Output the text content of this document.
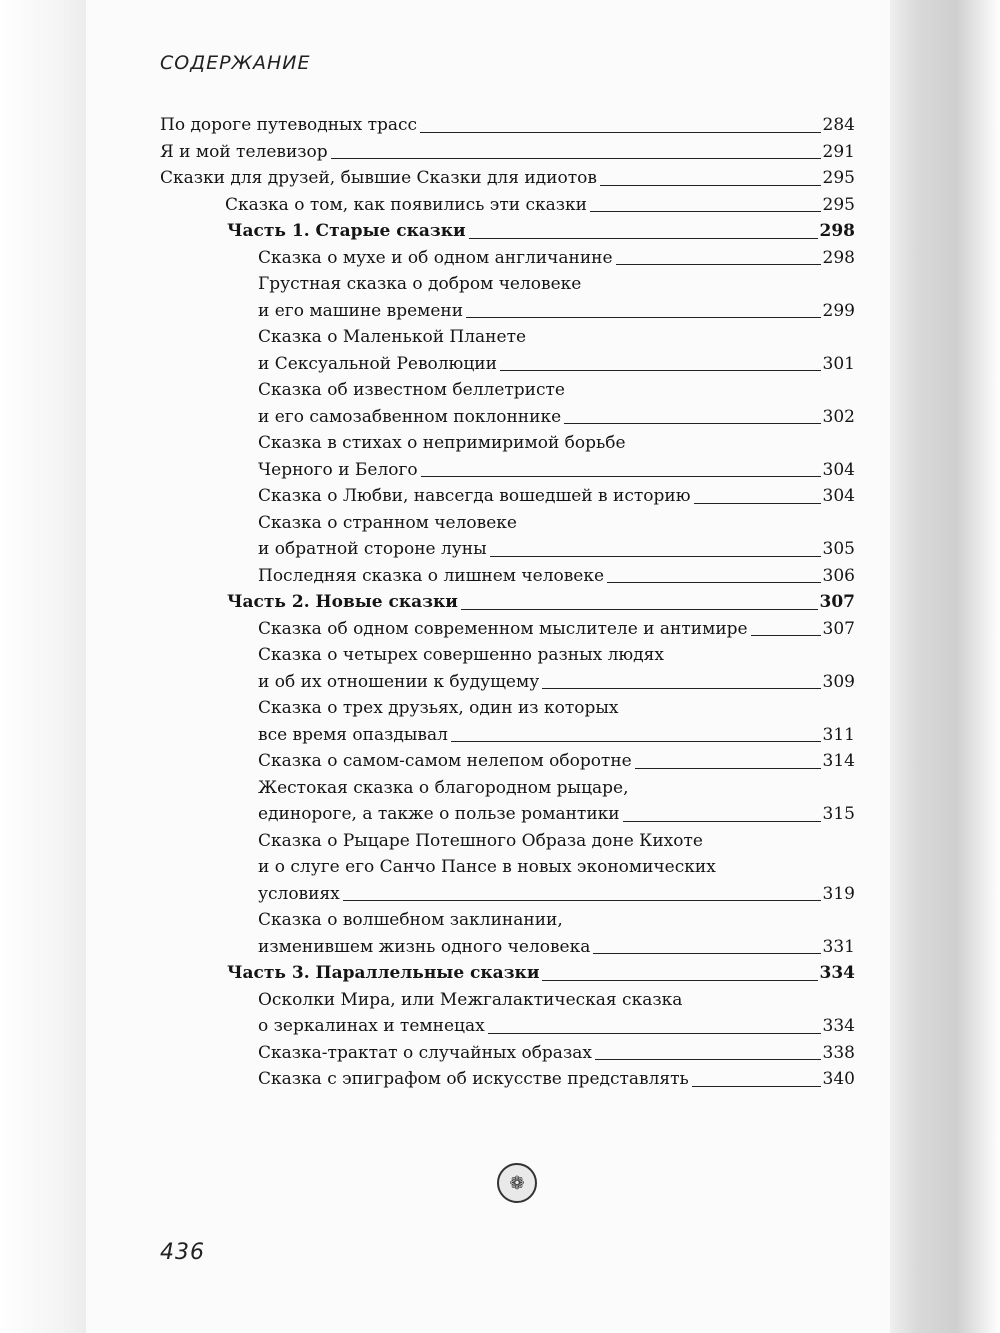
СОДЕРЖАНИЕ
По дороге путеводных трасс	284
Я и мой телевизор	291
Сказки для друзей, бывшие Сказки для идиотов	295
Сказка о том, как появились эти сказки	295
Часть 1. Старые сказки	298
Сказка о мухе и об одном англичанине	298
Грустная сказка о добром человеке
и его машине времени	299
Сказка о Маленькой Планете
и Сексуальной Революции	301
Сказка об известном беллетристе
и его самозабвенном поклоннике	302
Сказка в стихах о непримиримой борьбе
Черного и Белого	304
Сказка о Любви, навсегда вошедшей в историю	304
Сказка о странном человеке
и обратной стороне луны	305
Последняя сказка о лишнем человеке	306
Часть 2. Новые сказки	307
Сказка об одном современном мыслителе и антимире	307
Сказка о четырех совершенно разных людях
и об их отношении к будущему	309
Сказка о трех друзьях, один из которых
все время опаздывал	311
Сказка о самом-самом нелепом оборотне	314
Жестокая сказка о благородном рыцаре,
единороге, а также о пользе романтики	315
Сказка о Рыцаре Потешного Образа доне Кихоте
и о слуге его Санчо Пансе в новых экономических
условиях	319
Сказка о волшебном заклинании,
изменившем жизнь одного человека	331
Часть 3. Параллельные сказки	334
Осколки Мира, или Межгалактическая сказка
о зеркалинах и темнецах	334
Сказка-трактат о случайных образах	338
Сказка с эпиграфом об искусстве представлять	340
❁
436
